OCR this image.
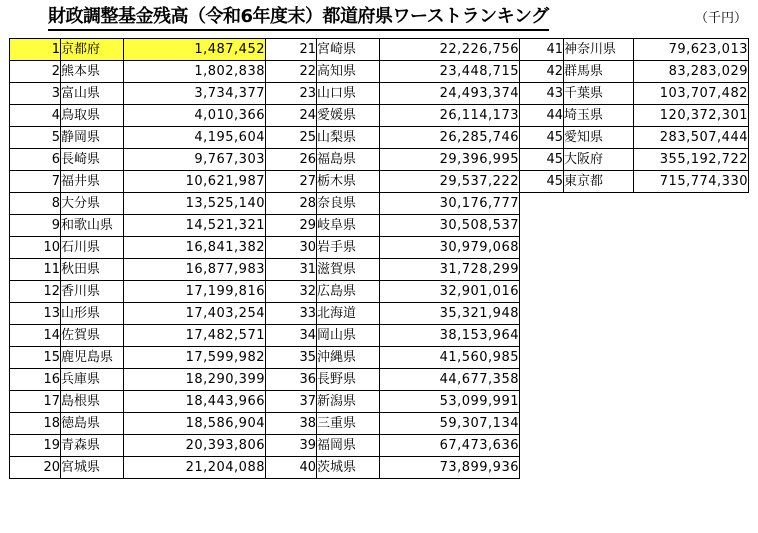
財政調整基金残高（令和6年度末）都道府県ワーストランキング	（千円）
1	京都府	1,487,452
2	熊本県	1,802,838
3	富山県	3,734,377
4	鳥取県	4,010,366
5	静岡県	4,195,604
6	長崎県	9,767,303
7	福井県	10,621,987
8	大分県	13,525,140
9	和歌山県	14,521,321
10	石川県	16,841,382
11	秋田県	16,877,983
12	香川県	17,199,816
13	山形県	17,403,254
14	佐賀県	17,482,571
15	鹿児島県	17,599,982
16	兵庫県	18,290,399
17	島根県	18,443,966
18	徳島県	18,586,904
19	青森県	20,393,806
20	宮城県	21,204,088
21	宮崎県	22,226,756
22	高知県	23,448,715
23	山口県	24,493,374
24	愛媛県	26,114,173
25	山梨県	26,285,746
26	福島県	29,396,995
27	栃木県	29,537,222
28	奈良県	30,176,777
29	岐阜県	30,508,537
30	岩手県	30,979,068
31	滋賀県	31,728,299
32	広島県	32,901,016
33	北海道	35,321,948
34	岡山県	38,153,964
35	沖縄県	41,560,985
36	長野県	44,677,358
37	新潟県	53,099,991
38	三重県	59,307,134
39	福岡県	67,473,636
40	茨城県	73,899,936
41	神奈川県	79,623,013
42	群馬県	83,283,029
43	千葉県	103,707,482
44	埼玉県	120,372,301
45	愛知県	283,507,444
45	大阪府	355,192,722
45	東京都	715,774,330
